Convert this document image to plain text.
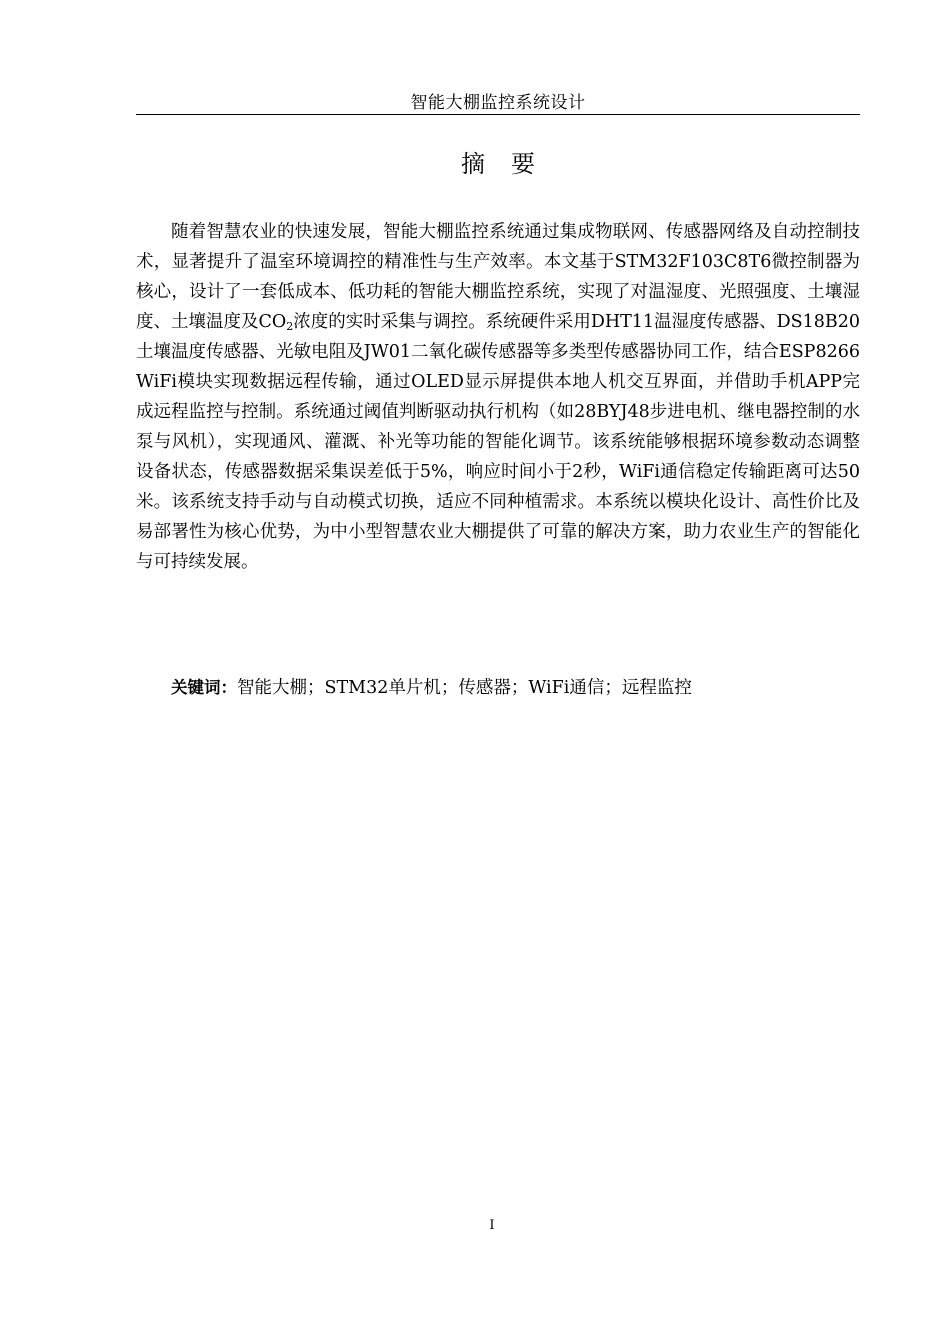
智能大棚监控系统设计
摘 要

随着智慧农业的快速发展，智能大棚监控系统通过集成物联网、传感器网络及自动控制技术，显著提升了温室环境调控的精准性与生产效率。本文基于STM32F103C8T6微控制器为核心，设计了一套低成本、低功耗的智能大棚监控系统，实现了对温湿度、光照强度、土壤湿度、土壤温度及$CO_2$浓度的实时采集与调控。系统硬件采用DHT11温湿度传感器、DS18B20土壤温度传感器、光敏电阻及JW01二氧化碳传感器等多类型传感器协同工作，结合ESP8266 WiFi模块实现数据远程传输，通过OLED显示屏提供本地人机交互界面，并借助手机APP完成远程监控与控制。系统通过阈值判断驱动执行机构（如28BYJ48步进电机、继电器控制的水泵与风机），实现通风、灌溉、补光等功能的智能化调节。该系统能够根据环境参数动态调整设备状态，传感器数据采集误差低于5%，响应时间小于2秒，WiFi通信稳定传输距离可达50米。该系统支持手动与自动模式切换，适应不同种植需求。本系统以模块化设计、高性价比及易部署性为核心优势，为中小型智慧农业大棚提供了可靠的解决方案，助力农业生产的智能化与可持续发展。

关键词：智能大棚；STM32单片机；传感器；WiFi通信；远程监控
I
